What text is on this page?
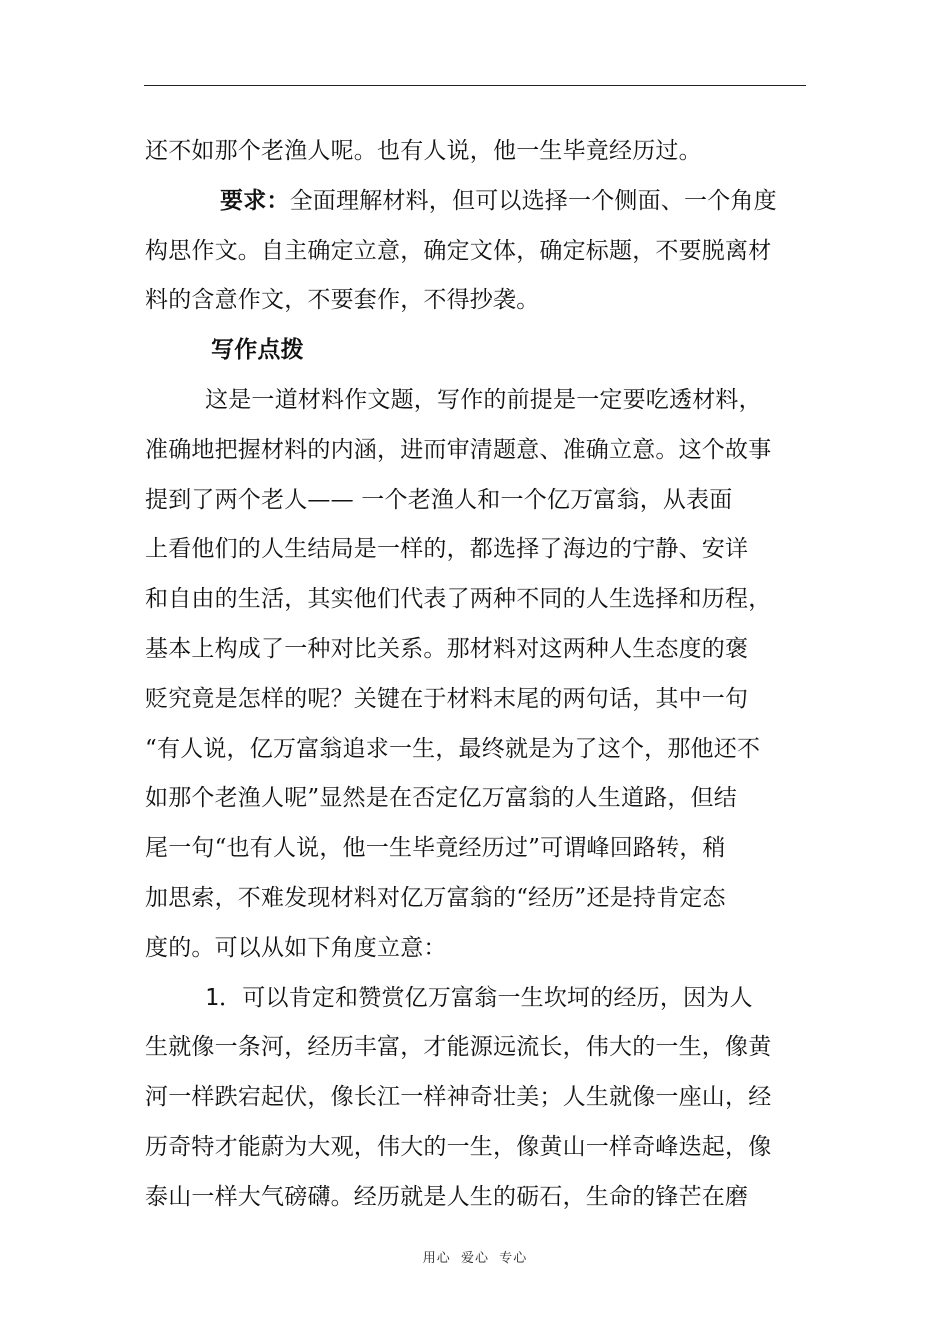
还不如那个老渔人呢。也有人说，他一生毕竟经历过。
要求：全面理解材料，但可以选择一个侧面、一个角度
构思作文。自主确定立意，确定文体，确定标题，不要脱离材
料的含意作文，不要套作，不得抄袭。
写作点拨
这是一道材料作文题，写作的前提是一定要吃透材料，
准确地把握材料的内涵，进而审清题意、准确立意。这个故事
提到了两个老人—— 一个老渔人和一个亿万富翁，从表面
上看他们的人生结局是一样的，都选择了海边的宁静、安详
和自由的生活，其实他们代表了两种不同的人生选择和历程，
基本上构成了一种对比关系。那材料对这两种人生态度的褒
贬究竟是怎样的呢？关键在于材料末尾的两句话，其中一句
“有人说，亿万富翁追求一生，最终就是为了这个，那他还不
如那个老渔人呢”显然是在否定亿万富翁的人生道路，但结
尾一句“也有人说，他一生毕竟经历过”可谓峰回路转，稍
加思索，不难发现材料对亿万富翁的“经历”还是持肯定态
度的。可以从如下角度立意：
1．可以肯定和赞赏亿万富翁一生坎坷的经历，因为人
生就像一条河，经历丰富，才能源远流长，伟大的一生，像黄
河一样跌宕起伏，像长江一样神奇壮美；人生就像一座山，经
历奇特才能蔚为大观，伟大的一生，像黄山一样奇峰迭起，像
泰山一样大气磅礴。经历就是人生的砺石，生命的锋芒在磨
用心  爱心  专心
